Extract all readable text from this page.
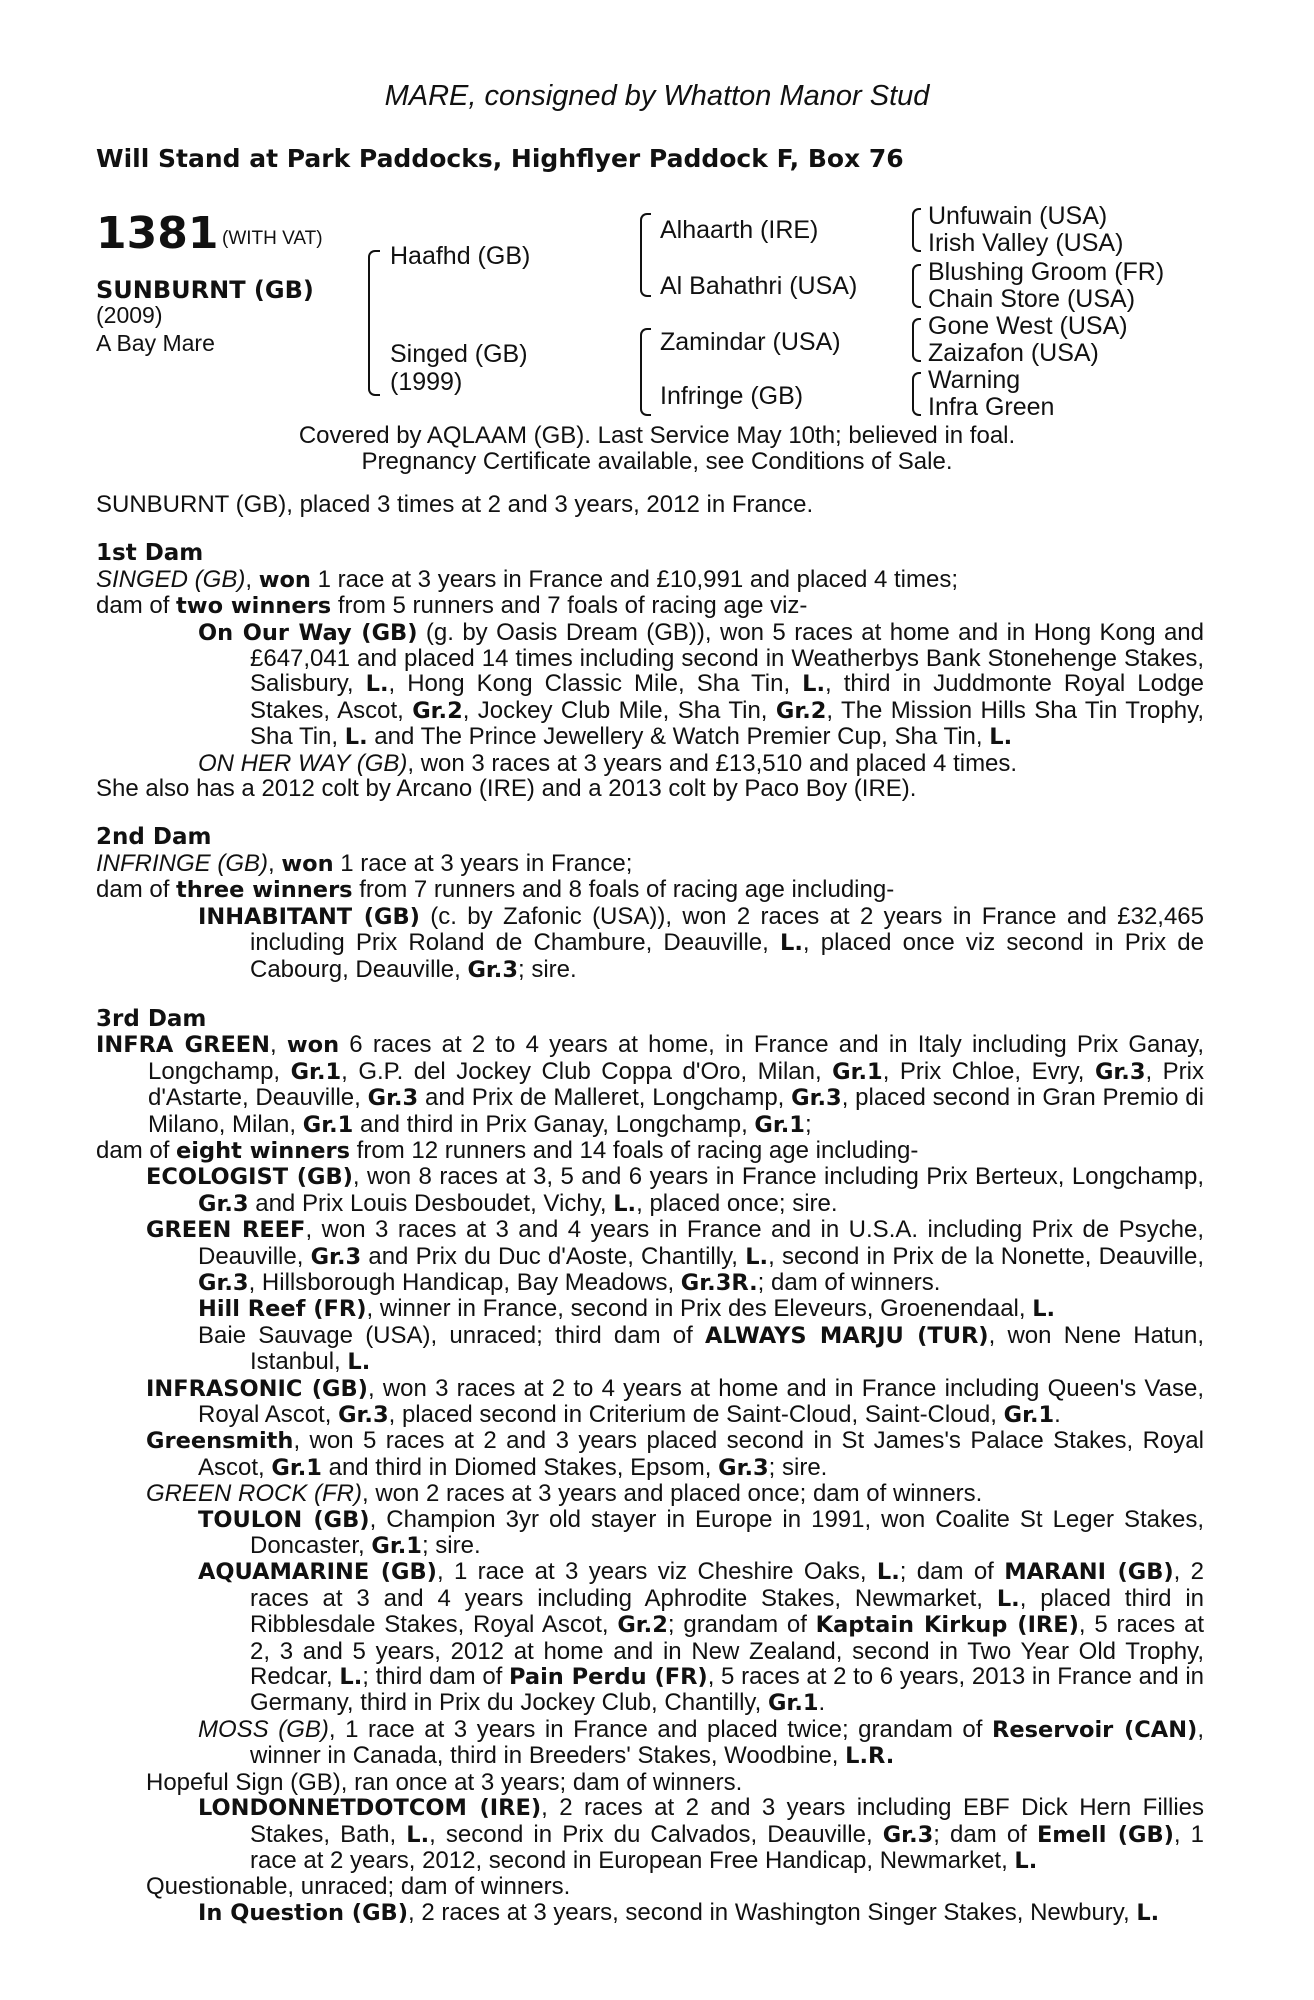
MARE, consigned by Whatton Manor Stud
Will Stand at Park Paddocks, Highflyer Paddock F, Box 76
1381 (WITH VAT)
SUNBURNT (GB)
(2009)
A Bay Mare
Haafhd (GB)
Singed (GB)
(1999)
Alhaarth (IRE)
Al Bahathri (USA)
Zamindar (USA)
Infringe (GB)
Unfuwain (USA)
Irish Valley (USA)
Blushing Groom (FR)
Chain Store (USA)
Gone West (USA)
Zaizafon (USA)
Warning
Infra Green
Covered by AQLAAM (GB). Last Service May 10th; believed in foal.
Pregnancy Certificate available, see Conditions of Sale.

SUNBURNT (GB), placed 3 times at 2 and 3 years, 2012 in France.

1st Dam

SINGED (GB), won 1 race at 3 years in France and £10,991 and placed 4 times;

dam of two winners from 5 runners and 7 foals of racing age viz-

On Our Way (GB) (g. by Oasis Dream (GB)), won 5 races at home and in Hong Kong and £647,041 and placed 14 times including second in Weatherbys Bank Stonehenge Stakes, Salisbury, L., Hong Kong Classic Mile, Sha Tin, L., third in Juddmonte Royal Lodge Stakes, Ascot, Gr.2, Jockey Club Mile, Sha Tin, Gr.2, The Mission Hills Sha Tin Trophy, Sha Tin, L. and The Prince Jewellery & Watch Premier Cup, Sha Tin, L.

ON HER WAY (GB), won 3 races at 3 years and £13,510 and placed 4 times.

She also has a 2012 colt by Arcano (IRE) and a 2013 colt by Paco Boy (IRE).

2nd Dam

INFRINGE (GB), won 1 race at 3 years in France;

dam of three winners from 7 runners and 8 foals of racing age including-

INHABITANT (GB) (c. by Zafonic (USA)), won 2 races at 2 years in France and £32,465 including Prix Roland de Chambure, Deauville, L., placed once viz second in Prix de Cabourg, Deauville, Gr.3; sire.

3rd Dam

INFRA GREEN, won 6 races at 2 to 4 years at home, in France and in Italy including Prix Ganay, Longchamp, Gr.1, G.P. del Jockey Club Coppa d'Oro, Milan, Gr.1, Prix Chloe, Evry, Gr.3, Prix d'Astarte, Deauville, Gr.3 and Prix de Malleret, Longchamp, Gr.3, placed second in Gran Premio di Milano, Milan, Gr.1 and third in Prix Ganay, Longchamp, Gr.1;

dam of eight winners from 12 runners and 14 foals of racing age including-

ECOLOGIST (GB), won 8 races at 3, 5 and 6 years in France including Prix Berteux, Longchamp, Gr.3 and Prix Louis Desboudet, Vichy, L., placed once; sire.

GREEN REEF, won 3 races at 3 and 4 years in France and in U.S.A. including Prix de Psyche, Deauville, Gr.3 and Prix du Duc d'Aoste, Chantilly, L., second in Prix de la Nonette, Deauville, Gr.3, Hillsborough Handicap, Bay Meadows, Gr.3R.; dam of winners.

Hill Reef (FR), winner in France, second in Prix des Eleveurs, Groenendaal, L.

Baie Sauvage (USA), unraced; third dam of ALWAYS MARJU (TUR), won Nene Hatun, Istanbul, L.

INFRASONIC (GB), won 3 races at 2 to 4 years at home and in France including Queen's Vase, Royal Ascot, Gr.3, placed second in Criterium de Saint-Cloud, Saint-Cloud, Gr.1.

Greensmith, won 5 races at 2 and 3 years placed second in St James's Palace Stakes, Royal Ascot, Gr.1 and third in Diomed Stakes, Epsom, Gr.3; sire.

GREEN ROCK (FR), won 2 races at 3 years and placed once; dam of winners.

TOULON (GB), Champion 3yr old stayer in Europe in 1991, won Coalite St Leger Stakes, Doncaster, Gr.1; sire.

AQUAMARINE (GB), 1 race at 3 years viz Cheshire Oaks, L.; dam of MARANI (GB), 2 races at 3 and 4 years including Aphrodite Stakes, Newmarket, L., placed third in Ribblesdale Stakes, Royal Ascot, Gr.2; grandam of Kaptain Kirkup (IRE), 5 races at 2, 3 and 5 years, 2012 at home and in New Zealand, second in Two Year Old Trophy, Redcar, L.; third dam of Pain Perdu (FR), 5 races at 2 to 6 years, 2013 in France and in Germany, third in Prix du Jockey Club, Chantilly, Gr.1.

MOSS (GB), 1 race at 3 years in France and placed twice; grandam of Reservoir (CAN), winner in Canada, third in Breeders' Stakes, Woodbine, L.R.

Hopeful Sign (GB), ran once at 3 years; dam of winners.

LONDONNETDOTCOM (IRE), 2 races at 2 and 3 years including EBF Dick Hern Fillies Stakes, Bath, L., second in Prix du Calvados, Deauville, Gr.3; dam of Emell (GB), 1 race at 2 years, 2012, second in European Free Handicap, Newmarket, L.

Questionable, unraced; dam of winners.

In Question (GB), 2 races at 3 years, second in Washington Singer Stakes, Newbury, L.
